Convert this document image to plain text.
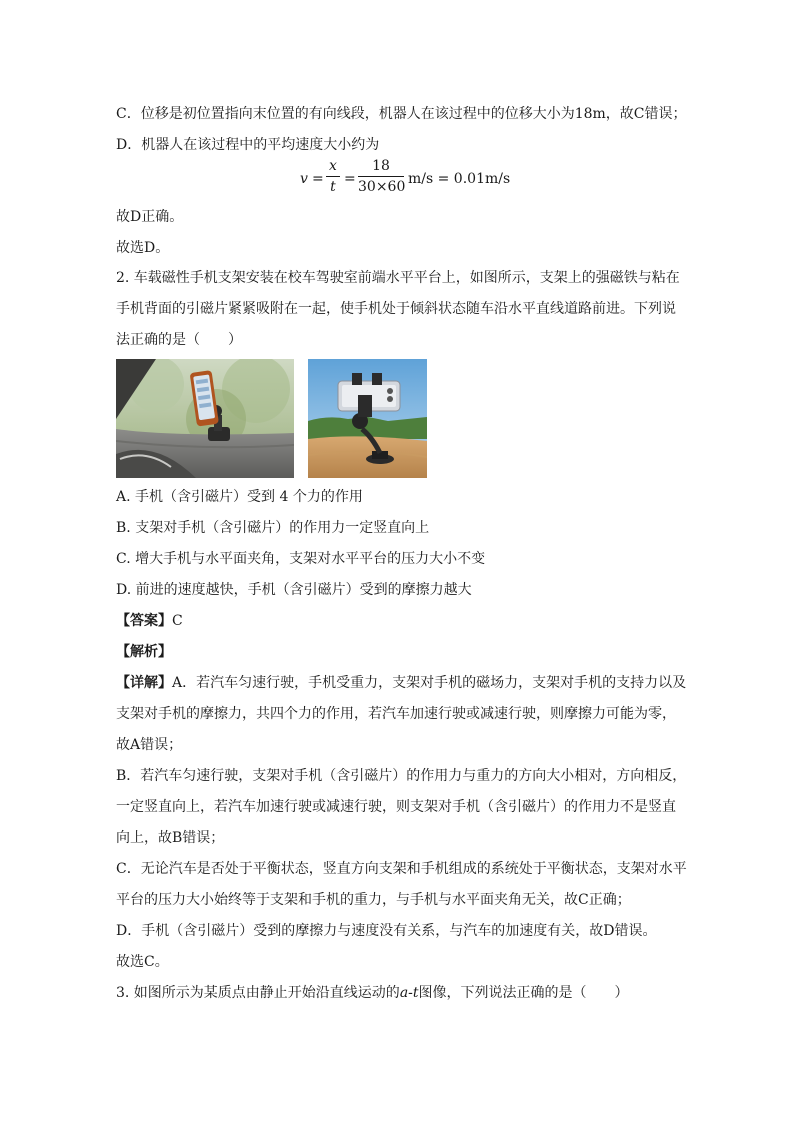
C．位移是初位置指向末位置的有向线段，机器人在该过程中的位移大小为18m，故C错误；
D．机器人在该过程中的平均速度大小约为
v =
x
t =
18
30×60 m/s = 0.01m/s
故D正确。
故选D。
2. 车载磁性手机支架安装在校车驾驶室前端水平平台上，如图所示，支架上的强磁铁与粘在
手机背面的引磁片紧紧吸附在一起，使手机处于倾斜状态随车沿水平直线道路前进。下列说
法正确的是（　　）
A. 手机（含引磁片）受到 4 个力的作用
B. 支架对手机（含引磁片）的作用力一定竖直向上
C. 增大手机与水平面夹角，支架对水平平台的压力大小不变
D. 前进的速度越快，手机（含引磁片）受到的摩擦力越大
【答案】C
【解析】
【详解】A．若汽车匀速行驶，手机受重力，支架对手机的磁场力，支架对手机的支持力以及
支架对手机的摩擦力，共四个力的作用，若汽车加速行驶或减速行驶，则摩擦力可能为零，
故A错误；
B．若汽车匀速行驶，支架对手机（含引磁片）的作用力与重力的方向大小相对，方向相反，
一定竖直向上，若汽车加速行驶或减速行驶，则支架对手机（含引磁片）的作用力不是竖直
向上，故B错误；
C．无论汽车是否处于平衡状态，竖直方向支架和手机组成的系统处于平衡状态，支架对水平
平台的压力大小始终等于支架和手机的重力，与手机与水平面夹角无关，故C正确；
D．手机（含引磁片）受到的摩擦力与速度没有关系，与汽车的加速度有关，故D错误。
故选C。
3. 如图所示为某质点由静止开始沿直线运动的a-t图像，下列说法正确的是（　　）
